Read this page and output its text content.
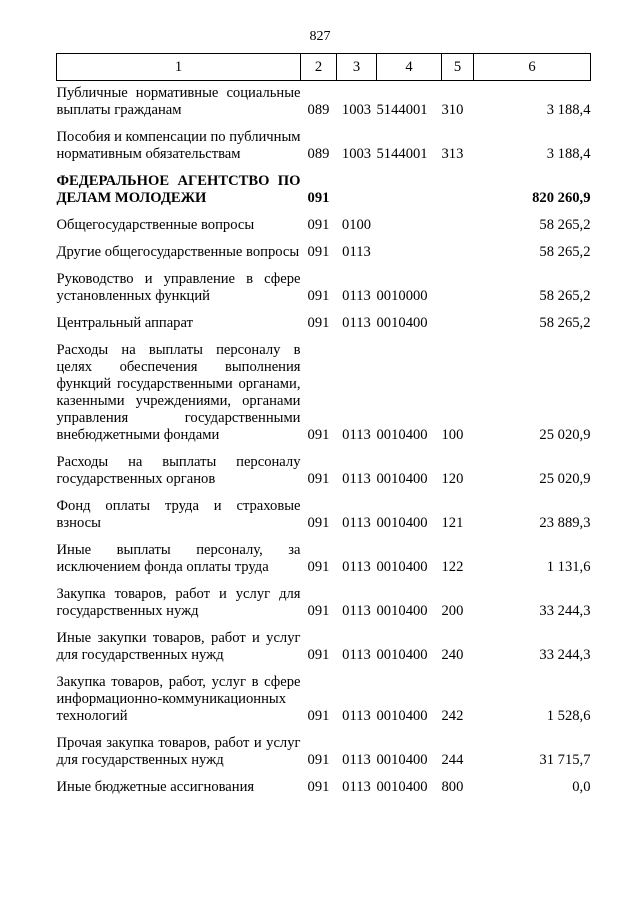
827
1	2	3	4	5	6

Публичные нормативные социальные выплаты гражданам	089	1003	5144001	310	3 188,4

Пособия и компенсации по публичным нормативным обязательствам	089	1003	5144001	313	3 188,4

ФЕДЕРАЛЬНОЕ АГЕНТСТВО ПО ДЕЛАМ МОЛОДЕЖИ	091				820 260,9

Общегосударственные вопросы	091	0100			58 265,2

Другие общегосударственные вопросы	091	0113			58 265,2

Руководство и управление в сфере установленных функций	091	0113	0010000		58 265,2

Центральный аппарат	091	0113	0010400		58 265,2

Расходы на выплаты персоналу в целях обеспечения выполнения функций государственными органами, казенными учреждениями, органами управления государственными внебюджетными фондами	091	0113	0010400	100	25 020,9

Расходы на выплаты персоналу государственных органов	091	0113	0010400	120	25 020,9

Фонд оплаты труда и страховые взносы	091	0113	0010400	121	23 889,3

Иные выплаты персоналу, за исключением фонда оплаты труда	091	0113	0010400	122	1 131,6

Закупка товаров, работ и услуг для государственных нужд	091	0113	0010400	200	33 244,3

Иные закупки товаров, работ и услуг для государственных нужд	091	0113	0010400	240	33 244,3

Закупка товаров, работ, услуг в сфере информационно-коммуникационных технологий	091	0113	0010400	242	1 528,6

Прочая закупка товаров, работ и услуг для государственных нужд	091	0113	0010400	244	31 715,7

Иные бюджетные ассигнования	091	0113	0010400	800	0,0
